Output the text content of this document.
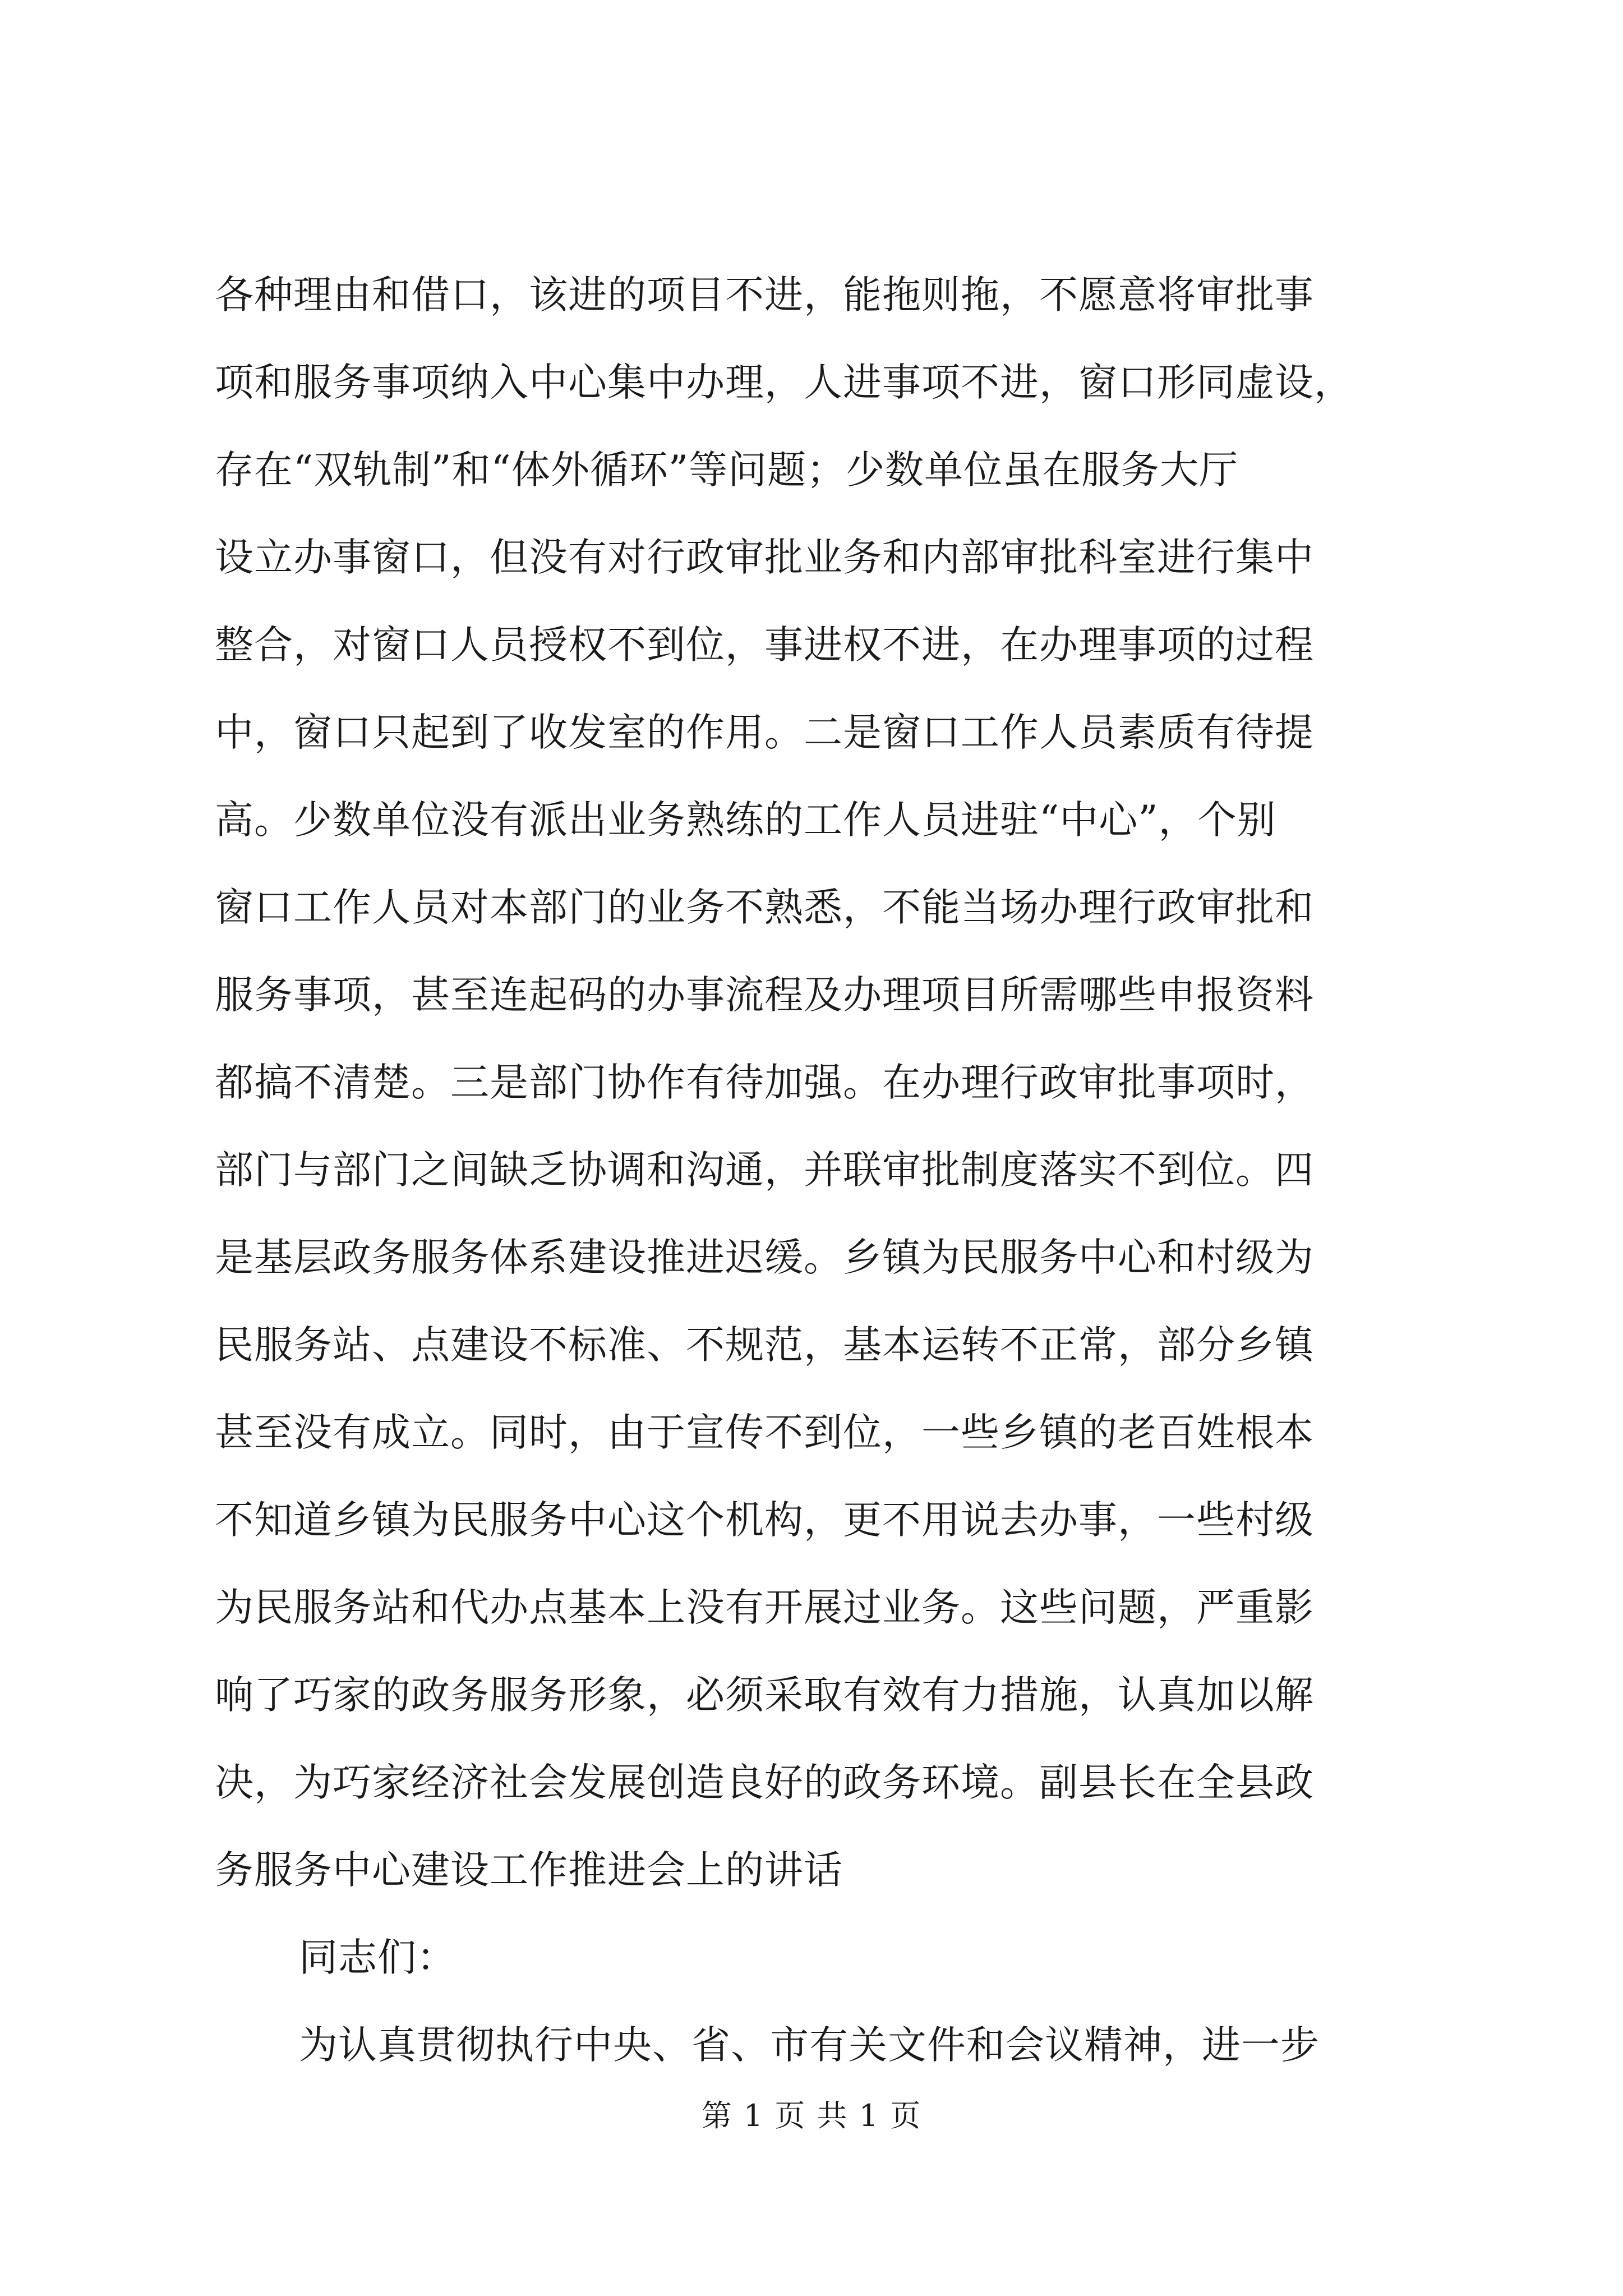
各种理由和借口，该进的项目不进，能拖则拖，不愿意将审批事
项和服务事项纳入中心集中办理，人进事项不进，窗口形同虚设，
存在“双轨制”和“体外循环”等问题；少数单位虽在服务大厅
设立办事窗口，但没有对行政审批业务和内部审批科室进行集中
整合，对窗口人员授权不到位，事进权不进，在办理事项的过程
中，窗口只起到了收发室的作用。二是窗口工作人员素质有待提
高。少数单位没有派出业务熟练的工作人员进驻“中心”，个别
窗口工作人员对本部门的业务不熟悉，不能当场办理行政审批和
服务事项，甚至连起码的办事流程及办理项目所需哪些申报资料
都搞不清楚。三是部门协作有待加强。在办理行政审批事项时，
部门与部门之间缺乏协调和沟通，并联审批制度落实不到位。四
是基层政务服务体系建设推进迟缓。乡镇为民服务中心和村级为
民服务站、点建设不标准、不规范，基本运转不正常，部分乡镇
甚至没有成立。同时，由于宣传不到位，一些乡镇的老百姓根本
不知道乡镇为民服务中心这个机构，更不用说去办事，一些村级
为民服务站和代办点基本上没有开展过业务。这些问题，严重影
响了巧家的政务服务形象，必须采取有效有力措施，认真加以解
决，为巧家经济社会发展创造良好的政务环境。副县长在全县政
务服务中心建设工作推进会上的讲话
同志们：
为认真贯彻执行中央、省、市有关文件和会议精神，进一步
第 1 页 共 1 页
